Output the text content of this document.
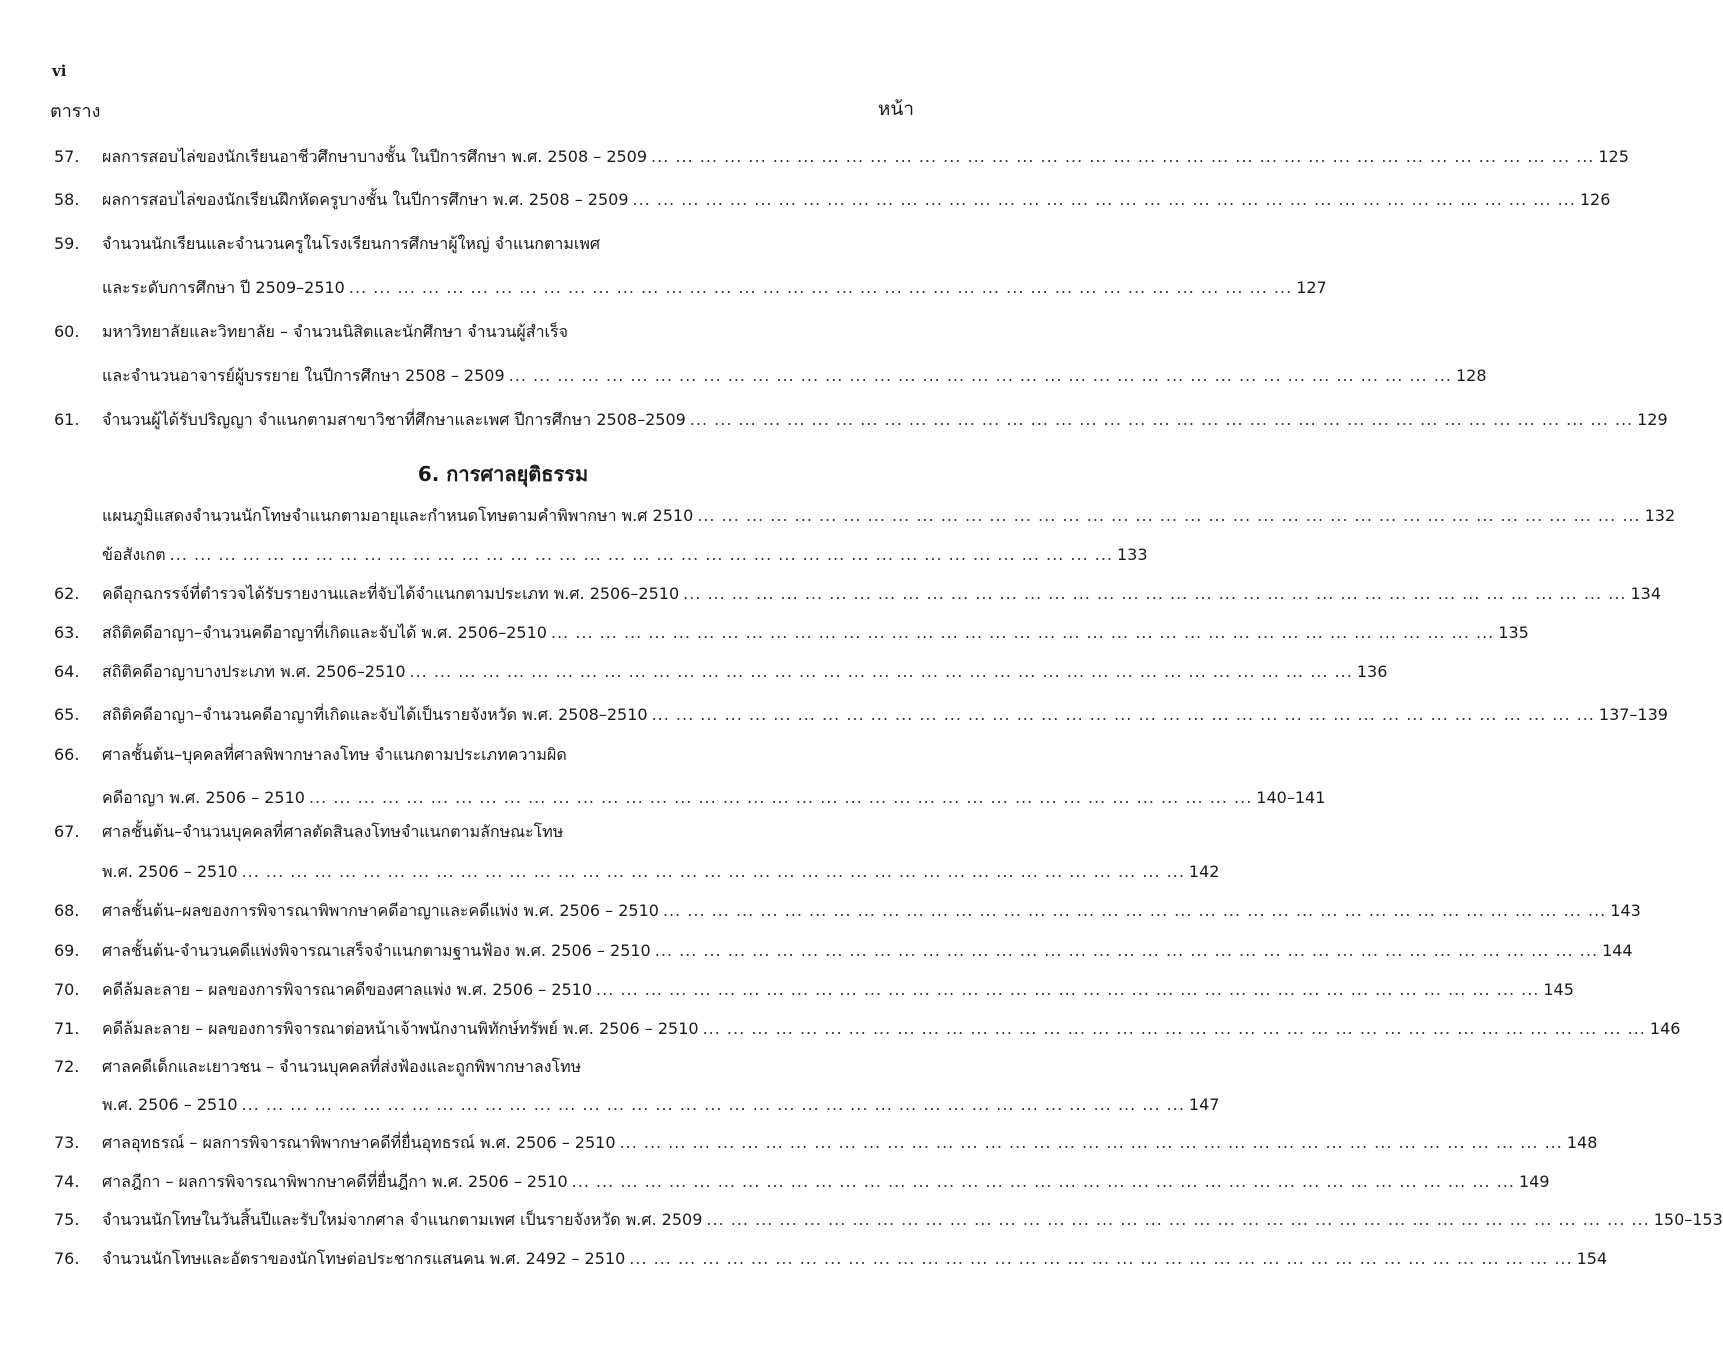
vi
ตาราง	หน้า
6. การศาลยุติธรรม
57.	ผลการสอบไล่ของนักเรียนอาชีวศึกษาบางชั้น ในปีการศึกษา พ.ศ. 2508 – 2509 ... ... ... ... ... ... ... ... ... ... ... ... ... ... ... ... ... ... ... ... ... ... ... ... ... ... ... ... ... ... ... ... ... ... ... ... ... ... ... 125
58.	ผลการสอบไล่ของนักเรียนฝึกหัดครูบางชั้น ในปีการศึกษา พ.ศ. 2508 – 2509 ... ... ... ... ... ... ... ... ... ... ... ... ... ... ... ... ... ... ... ... ... ... ... ... ... ... ... ... ... ... ... ... ... ... ... ... ... ... ... 126
59.	จำนวนนักเรียนและจำนวนครูในโรงเรียนการศึกษาผู้ใหญ่ จำแนกตามเพศ
และระดับการศึกษา ปี 2509–2510 ... ... ... ... ... ... ... ... ... ... ... ... ... ... ... ... ... ... ... ... ... ... ... ... ... ... ... ... ... ... ... ... ... ... ... ... ... ... ... 127
60.	มหาวิทยาลัยและวิทยาลัย – จำนวนนิสิตและนักศึกษา จำนวนผู้สำเร็จ
และจำนวนอาจารย์ผู้บรรยาย ในปีการศึกษา 2508 – 2509 ... ... ... ... ... ... ... ... ... ... ... ... ... ... ... ... ... ... ... ... ... ... ... ... ... ... ... ... ... ... ... ... ... ... ... ... ... ... ... 128
61.	จำนวนผู้ได้รับปริญญา จำแนกตามสาขาวิชาที่ศึกษาและเพศ ปีการศึกษา 2508–2509 ... ... ... ... ... ... ... ... ... ... ... ... ... ... ... ... ... ... ... ... ... ... ... ... ... ... ... ... ... ... ... ... ... ... ... ... ... ... ... 129
แผนภูมิแสดงจำนวนนักโทษจำแนกตามอายุและกำหนดโทษตามคำพิพากษา พ.ศ 2510 ... ... ... ... ... ... ... ... ... ... ... ... ... ... ... ... ... ... ... ... ... ... ... ... ... ... ... ... ... ... ... ... ... ... ... ... ... ... ... 132
ข้อสังเกต ... ... ... ... ... ... ... ... ... ... ... ... ... ... ... ... ... ... ... ... ... ... ... ... ... ... ... ... ... ... ... ... ... ... ... ... ... ... ... 133
62.	คดีอุกฉกรรจ์ที่ตำรวจได้รับรายงานและที่จับได้จำแนกตามประเภท พ.ศ. 2506–2510 ... ... ... ... ... ... ... ... ... ... ... ... ... ... ... ... ... ... ... ... ... ... ... ... ... ... ... ... ... ... ... ... ... ... ... ... ... ... ... 134
63.	สถิติคดีอาญา–จำนวนคดีอาญาที่เกิดและจับได้ พ.ศ. 2506–2510 ... ... ... ... ... ... ... ... ... ... ... ... ... ... ... ... ... ... ... ... ... ... ... ... ... ... ... ... ... ... ... ... ... ... ... ... ... ... ... 135
64.	สถิติคดีอาญาบางประเภท พ.ศ. 2506–2510 ... ... ... ... ... ... ... ... ... ... ... ... ... ... ... ... ... ... ... ... ... ... ... ... ... ... ... ... ... ... ... ... ... ... ... ... ... ... ... 136
65.	สถิติคดีอาญา–จำนวนคดีอาญาที่เกิดและจับได้เป็นรายจังหวัด พ.ศ. 2508–2510 ... ... ... ... ... ... ... ... ... ... ... ... ... ... ... ... ... ... ... ... ... ... ... ... ... ... ... ... ... ... ... ... ... ... ... ... ... ... ... 137–139
66.	ศาลชั้นต้น–บุคคลที่ศาลพิพากษาลงโทษ จำแนกตามประเภทความผิด
คดีอาญา พ.ศ. 2506 – 2510 ... ... ... ... ... ... ... ... ... ... ... ... ... ... ... ... ... ... ... ... ... ... ... ... ... ... ... ... ... ... ... ... ... ... ... ... ... ... ... 140–141
67.	ศาลชั้นต้น–จำนวนบุคคลที่ศาลตัดสินลงโทษจำแนกตามลักษณะโทษ
พ.ศ. 2506 – 2510 ... ... ... ... ... ... ... ... ... ... ... ... ... ... ... ... ... ... ... ... ... ... ... ... ... ... ... ... ... ... ... ... ... ... ... ... ... ... ... 142
68.	ศาลชั้นต้น–ผลของการพิจารณาพิพากษาคดีอาญาและคดีแพ่ง พ.ศ. 2506 – 2510 ... ... ... ... ... ... ... ... ... ... ... ... ... ... ... ... ... ... ... ... ... ... ... ... ... ... ... ... ... ... ... ... ... ... ... ... ... ... ... 143
69.	ศาลชั้นต้น-จำนวนคดีแพ่งพิจารณาเสร็จจำแนกตามฐานฟ้อง พ.ศ. 2506 – 2510 ... ... ... ... ... ... ... ... ... ... ... ... ... ... ... ... ... ... ... ... ... ... ... ... ... ... ... ... ... ... ... ... ... ... ... ... ... ... ... 144
70.	คดีล้มละลาย – ผลของการพิจารณาคดีของศาลแพ่ง พ.ศ. 2506 – 2510 ... ... ... ... ... ... ... ... ... ... ... ... ... ... ... ... ... ... ... ... ... ... ... ... ... ... ... ... ... ... ... ... ... ... ... ... ... ... ... 145
71.	คดีล้มละลาย – ผลของการพิจารณาต่อหน้าเจ้าพนักงานพิทักษ์ทรัพย์ พ.ศ. 2506 – 2510 ... ... ... ... ... ... ... ... ... ... ... ... ... ... ... ... ... ... ... ... ... ... ... ... ... ... ... ... ... ... ... ... ... ... ... ... ... ... ... 146
72.	ศาลคดีเด็กและเยาวชน – จำนวนบุคคลที่ส่งฟ้องและถูกพิพากษาลงโทษ
พ.ศ. 2506 – 2510 ... ... ... ... ... ... ... ... ... ... ... ... ... ... ... ... ... ... ... ... ... ... ... ... ... ... ... ... ... ... ... ... ... ... ... ... ... ... ... 147
73.	ศาลอุทธรณ์ – ผลการพิจารณาพิพากษาคดีที่ยื่นอุทธรณ์ พ.ศ. 2506 – 2510 ... ... ... ... ... ... ... ... ... ... ... ... ... ... ... ... ... ... ... ... ... ... ... ... ... ... ... ... ... ... ... ... ... ... ... ... ... ... ... 148
74.	ศาลฎีกา – ผลการพิจารณาพิพากษาคดีที่ยื่นฎีกา พ.ศ. 2506 – 2510 ... ... ... ... ... ... ... ... ... ... ... ... ... ... ... ... ... ... ... ... ... ... ... ... ... ... ... ... ... ... ... ... ... ... ... ... ... ... ... 149
75.	จำนวนนักโทษในวันสิ้นปีและรับใหม่จากศาล จำแนกตามเพศ เป็นรายจังหวัด พ.ศ. 2509 ... ... ... ... ... ... ... ... ... ... ... ... ... ... ... ... ... ... ... ... ... ... ... ... ... ... ... ... ... ... ... ... ... ... ... ... ... ... ... 150–153
76.	จำนวนนักโทษและอัตราของนักโทษต่อประชากรแสนคน พ.ศ. 2492 – 2510 ... ... ... ... ... ... ... ... ... ... ... ... ... ... ... ... ... ... ... ... ... ... ... ... ... ... ... ... ... ... ... ... ... ... ... ... ... ... ... 154
